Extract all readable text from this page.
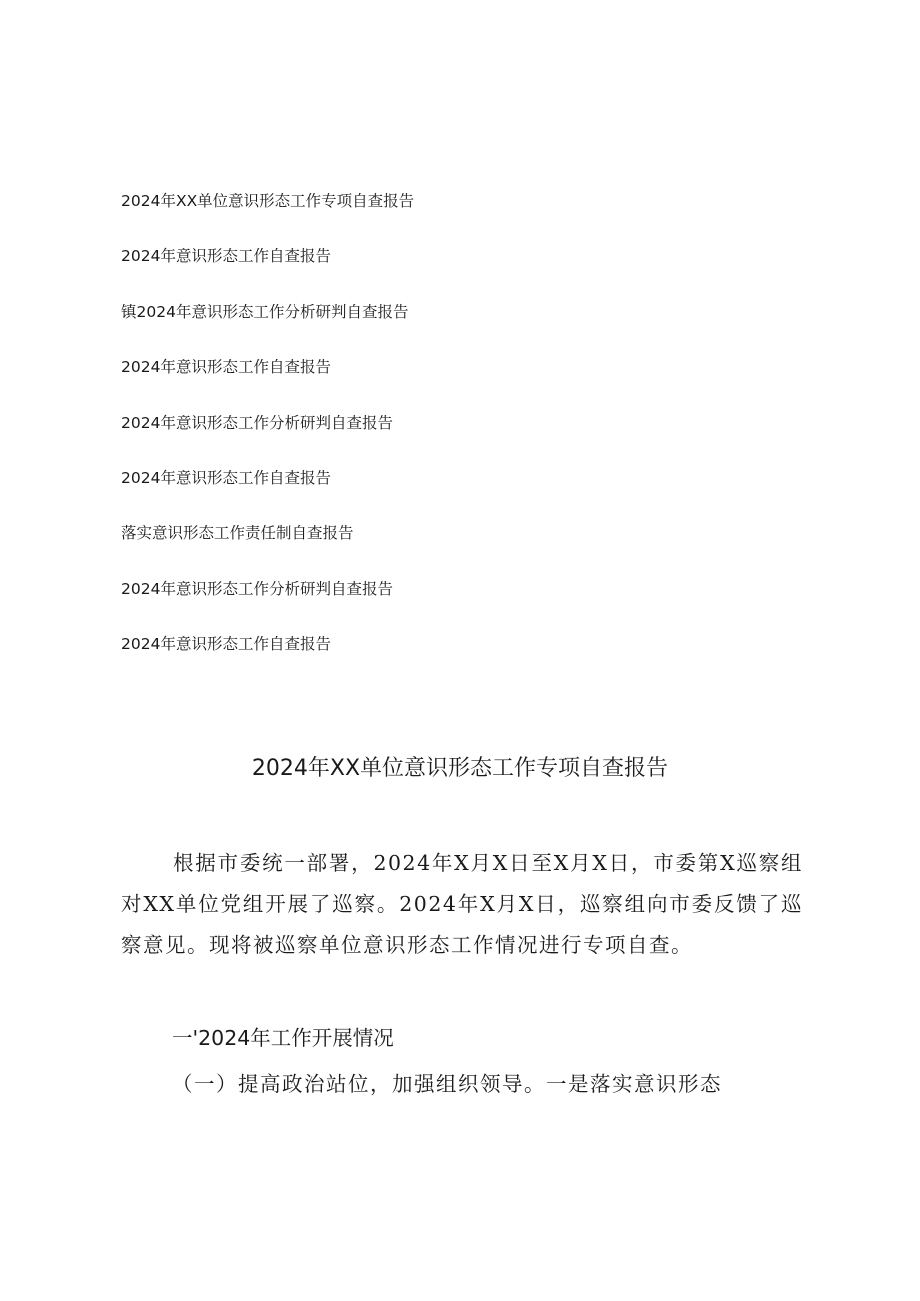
2024年XX单位意识形态工作专项自查报告
2024年意识形态工作自查报告
镇2024年意识形态工作分析研判自查报告
2024年意识形态工作自查报告
2024年意识形态工作分析研判自查报告
2024年意识形态工作自查报告
落实意识形态工作责任制自查报告
2024年意识形态工作分析研判自查报告
2024年意识形态工作自查报告
2024年XX单位意识形态工作专项自查报告

根据市委统一部署，2024年X月X日至X月X日，市委第X巡察组对XX单位党组开展了巡察。2024年X月X日，巡察组向市委反馈了巡察意见。现将被巡察单位意识形态工作情况进行专项自查。

一'2024年工作开展情况

（一）提高政治站位，加强组织领导。一是落实意识形态
